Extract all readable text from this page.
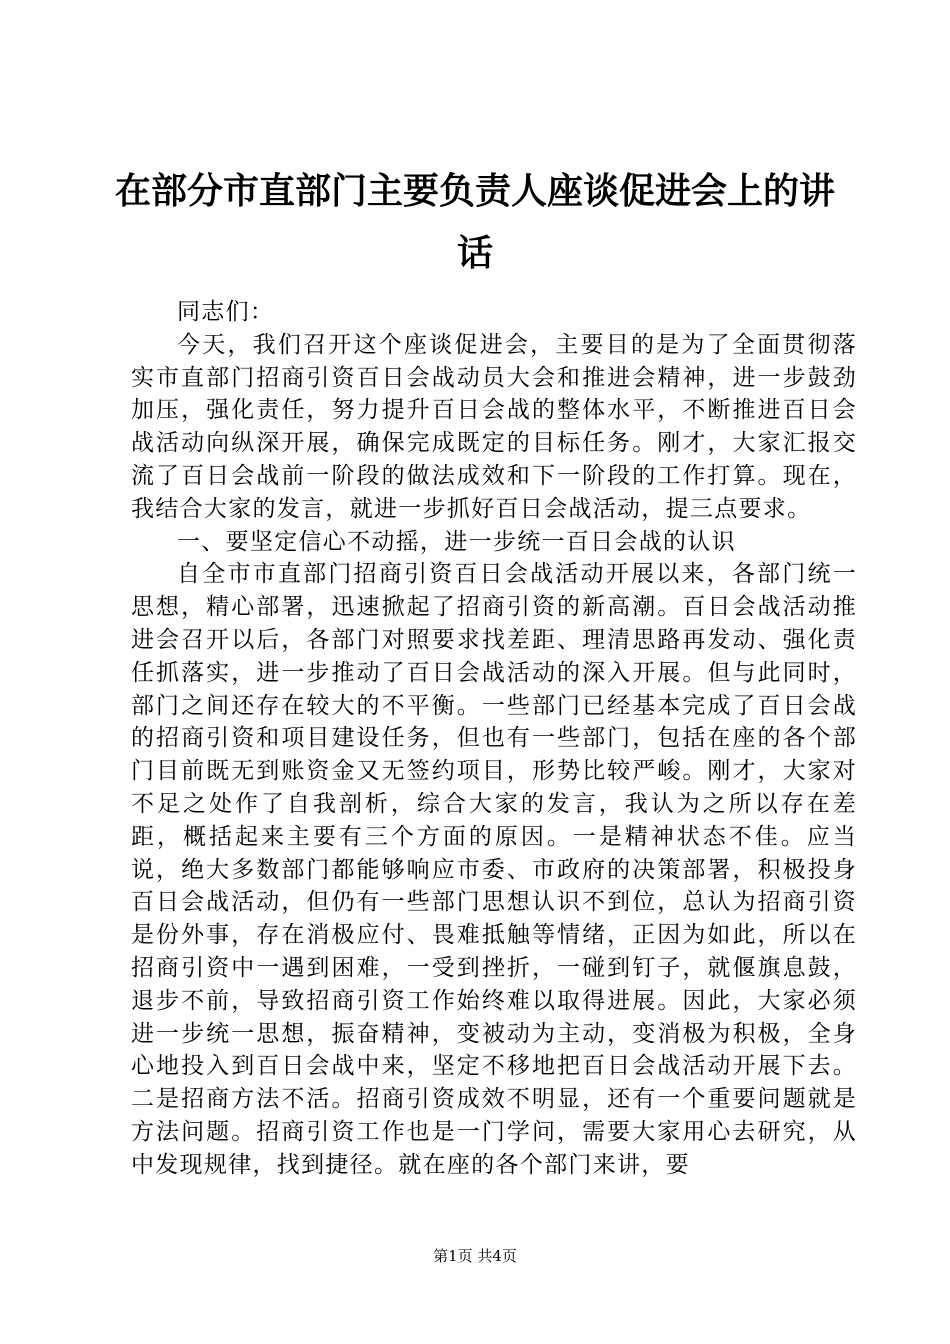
在部分市直部门主要负责人座谈促进会上的讲话

同志们：

今天，我们召开这个座谈促进会，主要目的是为了全面贯彻落实市直部门招商引资百日会战动员大会和推进会精神，进一步鼓劲加压，强化责任，努力提升百日会战的整体水平，不断推进百日会战活动向纵深开展，确保完成既定的目标任务。刚才，大家汇报交流了百日会战前一阶段的做法成效和下一阶段的工作打算。现在，我结合大家的发言，就进一步抓好百日会战活动，提三点要求。

一、要坚定信心不动摇，进一步统一百日会战的认识

自全市市直部门招商引资百日会战活动开展以来，各部门统一思想，精心部署，迅速掀起了招商引资的新高潮。百日会战活动推进会召开以后，各部门对照要求找差距、理清思路再发动、强化责任抓落实，进一步推动了百日会战活动的深入开展。但与此同时，部门之间还存在较大的不平衡。一些部门已经基本完成了百日会战的招商引资和项目建设任务，但也有一些部门，包括在座的各个部门目前既无到账资金又无签约项目，形势比较严峻。刚才，大家对不足之处作了自我剖析，综合大家的发言，我认为之所以存在差距，概括起来主要有三个方面的原因。一是精神状态不佳。应当说，绝大多数部门都能够响应市委、市政府的决策部署，积极投身百日会战活动，但仍有一些部门思想认识不到位，总认为招商引资是份外事，存在消极应付、畏难抵触等情绪，正因为如此，所以在招商引资中一遇到困难，一受到挫折，一碰到钉子，就偃旗息鼓，退步不前，导致招商引资工作始终难以取得进展。因此，大家必须进一步统一思想，振奋精神，变被动为主动，变消极为积极，全身心地投入到百日会战中来，坚定不移地把百日会战活动开展下去。二是招商方法不活。招商引资成效不明显，还有一个重要问题就是方法问题。招商引资工作也是一门学问，需要大家用心去研究，从中发现规律，找到捷径。就在座的各个部门来讲，要

第1页 共4页
